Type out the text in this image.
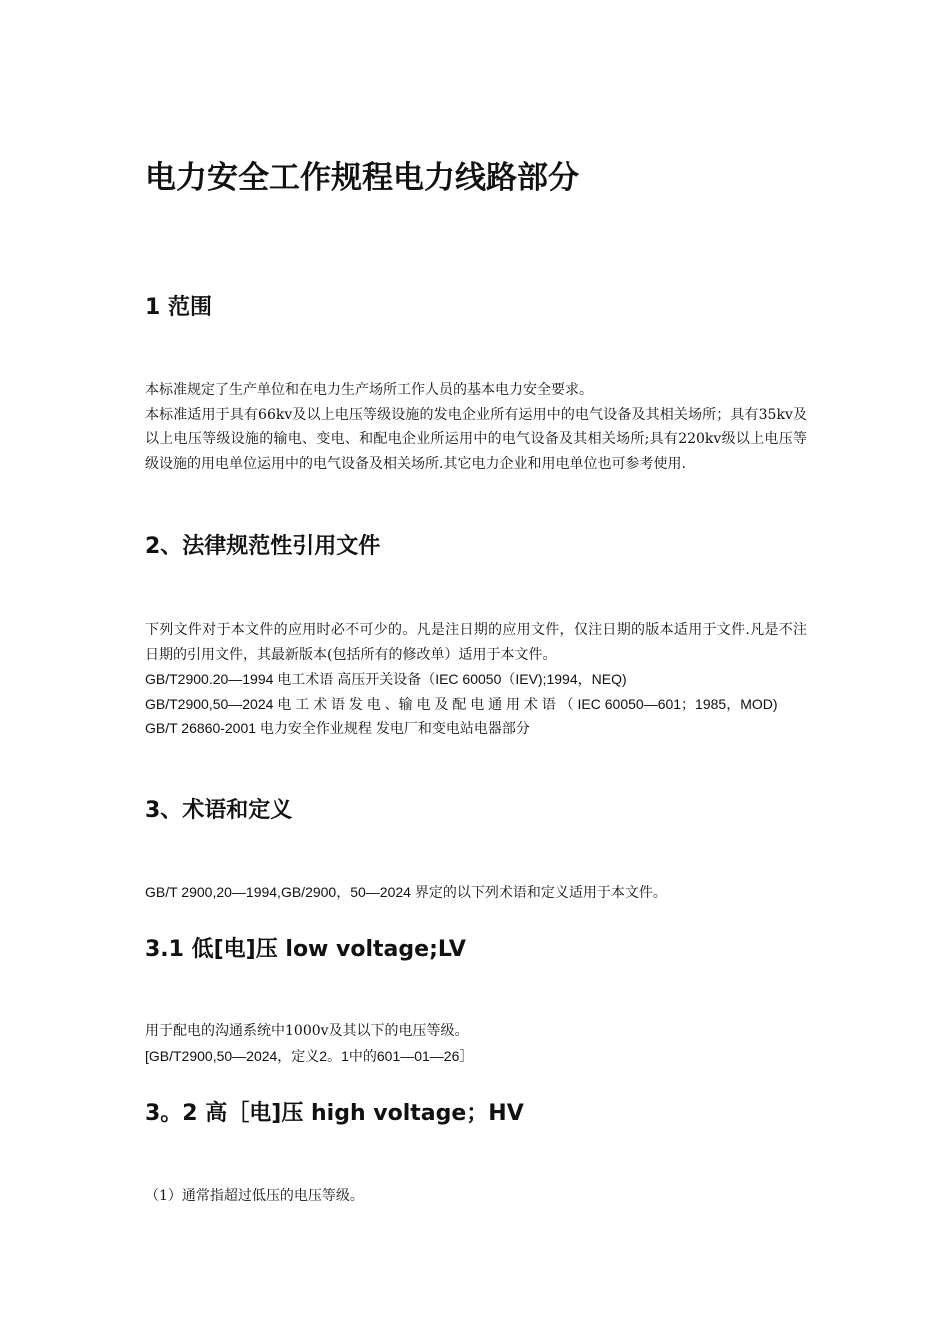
电力安全工作规程电力线路部分
1 范围

本标准规定了生产单位和在电力生产场所工作人员的基本电力安全要求。

本标准适用于具有66kv及以上电压等级设施的发电企业所有运用中的电气设备及其相关场所；具有35kv及以上电压等级设施的输电、变电、和配电企业所运用中的电气设备及其相关场所;具有220kv级以上电压等级设施的用电单位运用中的电气设备及相关场所.其它电力企业和用电单位也可参考使用.

2、法律规范性引用文件

下列文件对于本文件的应用时必不可少的。凡是注日期的应用文件，仅注日期的版本适用于文件.凡是不注日期的引用文件，其最新版本(包括所有的修改单）适用于本文件。

GB/T2900.20—1994 电工术语 高压开关设备（IEC 60050（IEV);1994，NEQ)

GB/T2900,50—2024 电 工 术 语 发 电 、输 电 及 配 电 通 用 术 语 （ IEC 60050—601；1985，MOD)

GB/T 26860-2001 电力安全作业规程 发电厂和变电站电器部分

3、术语和定义

GB/T 2900,20—1994,GB/2900，50—2024 界定的以下列术语和定义适用于本文件。

3.1 低[电]压 low voltage;LV

用于配电的沟通系统中1000v及其以下的电压等级。

[GB/T2900,50—2024，定义2。1中的601—01—26］

3。2 高［电]压 high voltage；HV

（1）通常指超过低压的电压等级。
